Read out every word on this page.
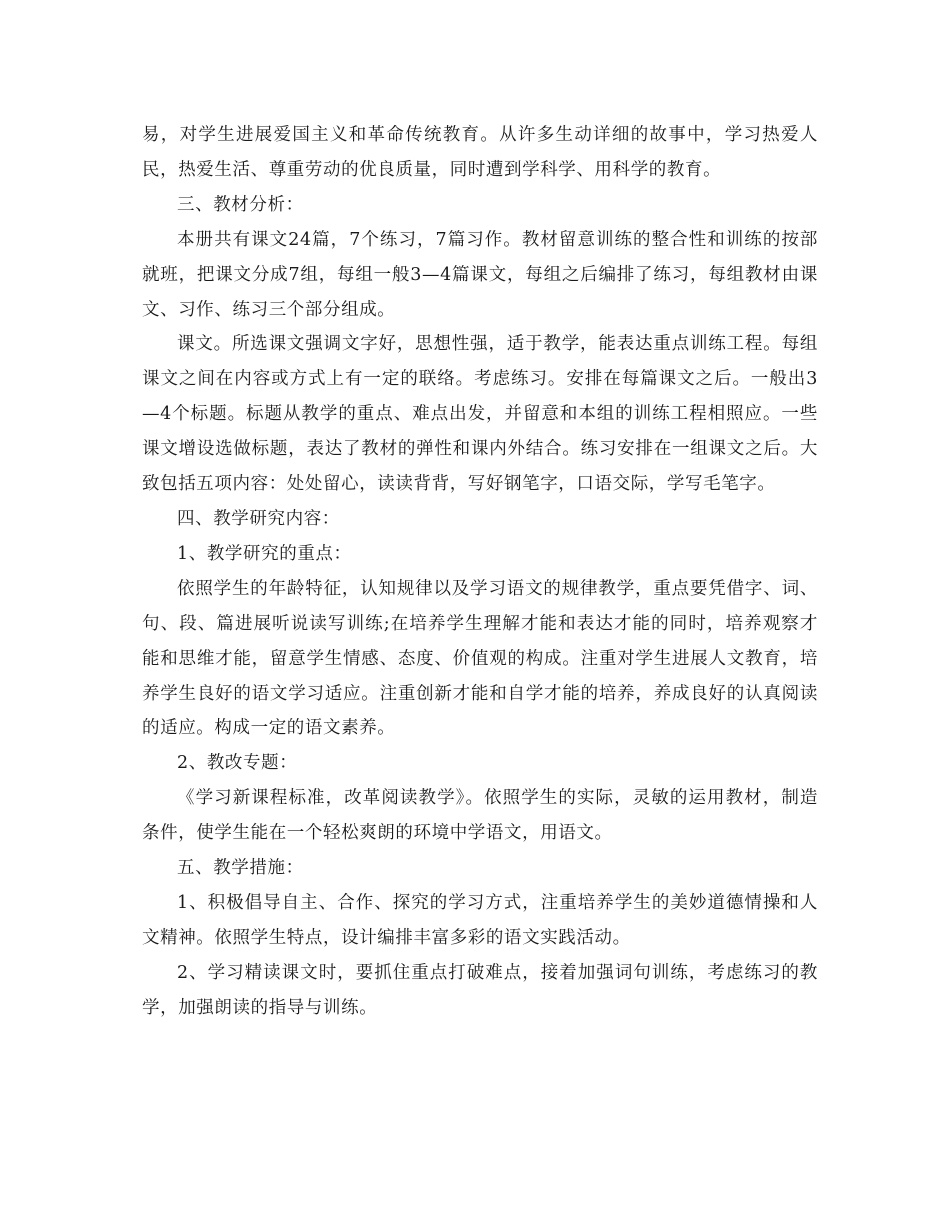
易，对学生进展爱国主义和革命传统教育。从许多生动详细的故事中，学习热爱人民，热爱生活、尊重劳动的优良质量，同时遭到学科学、用科学的教育。

三、教材分析：

本册共有课文24篇，7个练习，7篇习作。教材留意训练的整合性和训练的按部就班，把课文分成7组，每组一般3—4篇课文，每组之后编排了练习，每组教材由课文、习作、练习三个部分组成。

课文。所选课文强调文字好，思想性强，适于教学，能表达重点训练工程。每组课文之间在内容或方式上有一定的联络。考虑练习。安排在每篇课文之后。一般出3—4个标题。标题从教学的重点、难点出发，并留意和本组的训练工程相照应。一些课文增设选做标题，表达了教材的弹性和课内外结合。练习安排在一组课文之后。大致包括五项内容：处处留心，读读背背，写好钢笔字，口语交际，学写毛笔字。

四、教学研究内容：

1、教学研究的重点：

依照学生的年龄特征，认知规律以及学习语文的规律教学，重点要凭借字、词、句、段、篇进展听说读写训练;在培养学生理解才能和表达才能的同时，培养观察才能和思维才能，留意学生情感、态度、价值观的构成。注重对学生进展人文教育，培养学生良好的语文学习适应。注重创新才能和自学才能的培养，养成良好的认真阅读的适应。构成一定的语文素养。

2、教改专题：

《学习新课程标准，改革阅读教学》。依照学生的实际，灵敏的运用教材，制造条件，使学生能在一个轻松爽朗的环境中学语文，用语文。

五、教学措施：

1、积极倡导自主、合作、探究的学习方式，注重培养学生的美妙道德情操和人文精神。依照学生特点，设计编排丰富多彩的语文实践活动。

2、学习精读课文时，要抓住重点打破难点，接着加强词句训练，考虑练习的教学，加强朗读的指导与训练。
